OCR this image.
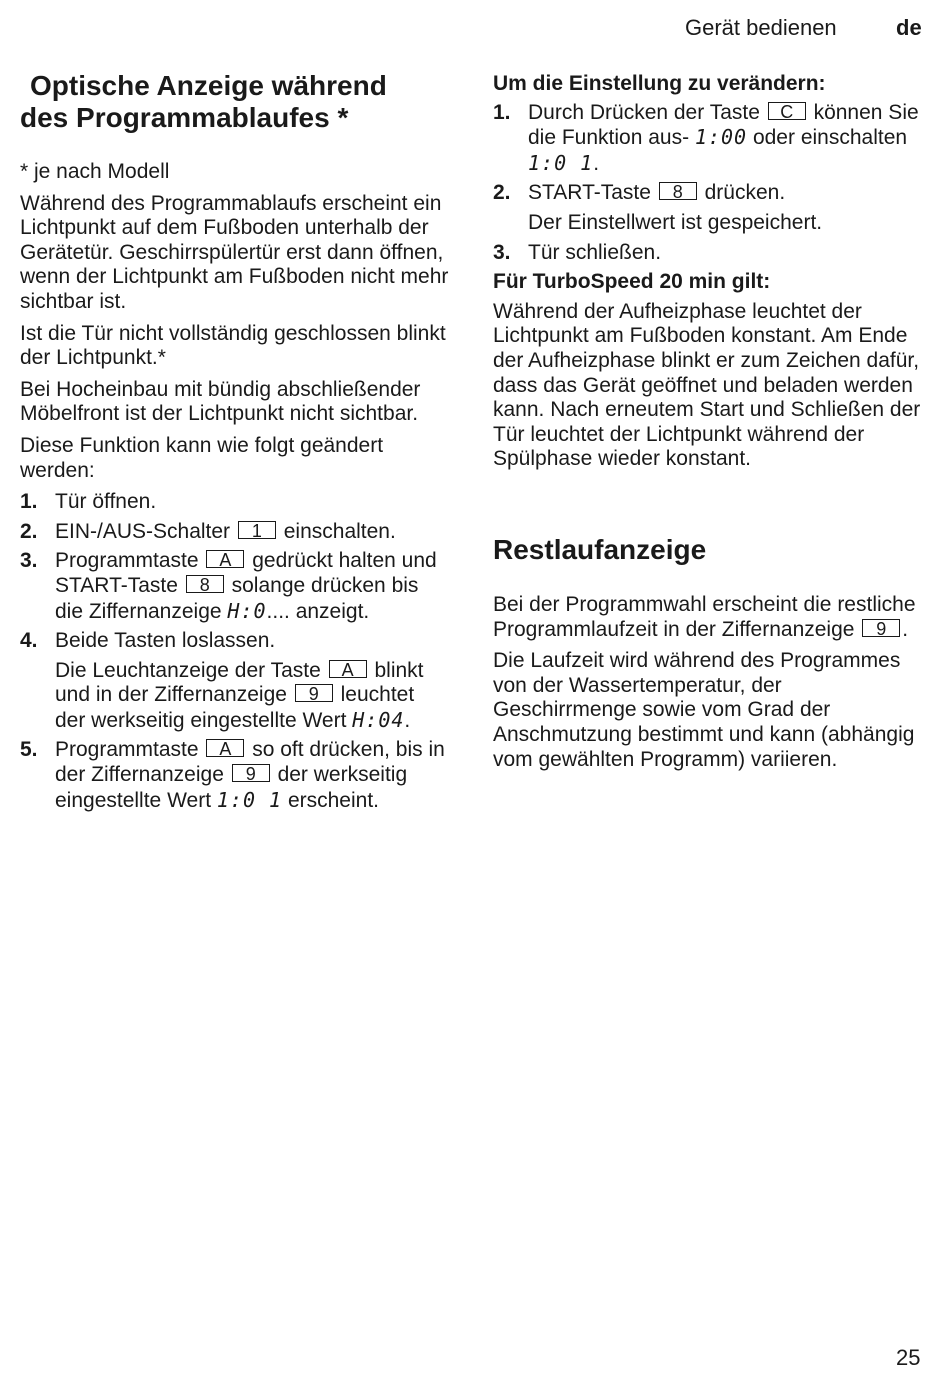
Gerät bedienen	de

Optische Anzeige während
des Programmablaufes *

* je nach Modell

Während des Programmablaufs erscheint ein Lichtpunkt auf dem Fußboden unterhalb der Gerätetür. Geschirrspülertür erst dann öffnen, wenn der Lichtpunkt am Fußboden nicht mehr sichtbar ist.

Ist die Tür nicht vollständig geschlossen blinkt der Lichtpunkt.*

Bei Hocheinbau mit bündig abschließender Möbelfront ist der Lichtpunkt nicht sichtbar.

Diese Funktion kann wie folgt geändert werden:

1. Tür öffnen.
2. EIN-/AUS-Schalter 1 einschalten.
3. Programmtaste A gedrückt halten und START-Taste 8 solange drücken bis die Ziffernanzeige H:0.... anzeigt.
4. Beide Tasten loslassen.
Die Leuchtanzeige der Taste A blinkt und in der Ziffernanzeige 9 leuchtet der werkseitig eingestellte Wert H:04.
5. Programmtaste A so oft drücken, bis in der Ziffernanzeige 9 der werkseitig eingestellte Wert 1:0 1 erscheint.

Um die Einstellung zu verändern:

1. Durch Drücken der Taste C können Sie die Funktion aus- 1:00 oder einschalten 1:0 1.
2. START-Taste 8 drücken.
Der Einstellwert ist gespeichert.
3. Tür schließen.

Für TurboSpeed 20 min gilt:

Während der Aufheizphase leuchtet der Lichtpunkt am Fußboden konstant. Am Ende der Aufheizphase blinkt er zum Zeichen dafür, dass das Gerät geöffnet und beladen werden kann. Nach erneutem Start und Schließen der Tür leuchtet der Lichtpunkt während der Spülphase wieder konstant.

Restlaufanzeige

Bei der Programmwahl erscheint die restliche Programmlaufzeit in der Ziffernanzeige 9 .

Die Laufzeit wird während des Programmes von der Wassertemperatur, der Geschirrmenge sowie vom Grad der Anschmutzung bestimmt und kann (abhängig vom gewählten Programm) variieren.

25
